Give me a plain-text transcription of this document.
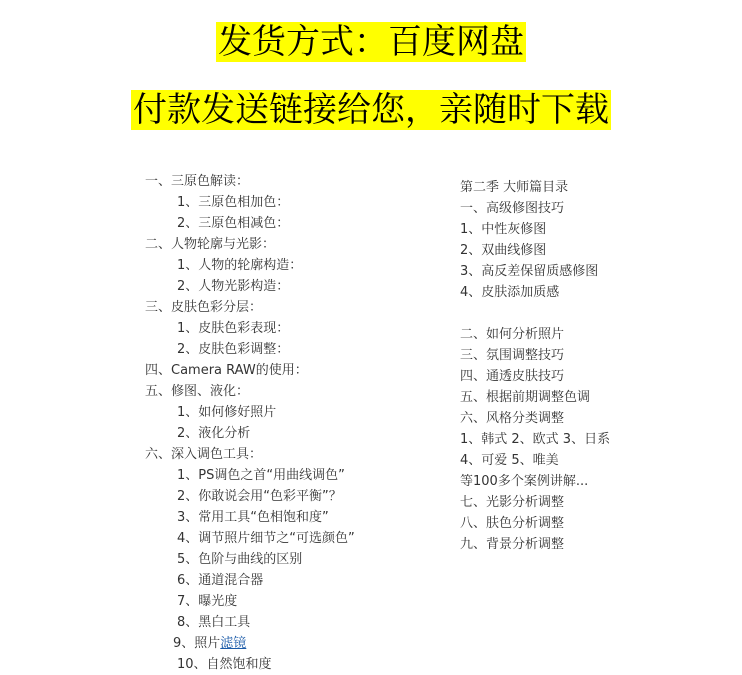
发货方式：百度网盘
付款发送链接给您，亲随时下载
一、三原色解读：
1、三原色相加色：
2、三原色相减色：
二、人物轮廓与光影：
1、人物的轮廓构造：
2、人物光影构造：
三、皮肤色彩分层：
1、皮肤色彩表现：
2、皮肤色彩调整：
四、Camera RAW的使用：
五、修图、液化：
1、如何修好照片
2、液化分析
六、深入调色工具：
1、PS调色之首“用曲线调色”
2、你敢说会用“色彩平衡”？
3、常用工具“色相饱和度”
4、调节照片细节之“可选颜色”
5、色阶与曲线的区别
6、通道混合器
7、曝光度
8、黑白工具
9、照片滤镜
10、自然饱和度
第二季 大师篇目录
一、高级修图技巧
1、中性灰修图
2、双曲线修图
3、高反差保留质感修图
4、皮肤添加质感
二、如何分析照片
三、氛围调整技巧
四、通透皮肤技巧
五、根据前期调整色调
六、风格分类调整
1、韩式 2、欧式 3、日系
4、可爱 5、唯美
等100多个案例讲解...
七、光影分析调整
八、肤色分析调整
九、背景分析调整
